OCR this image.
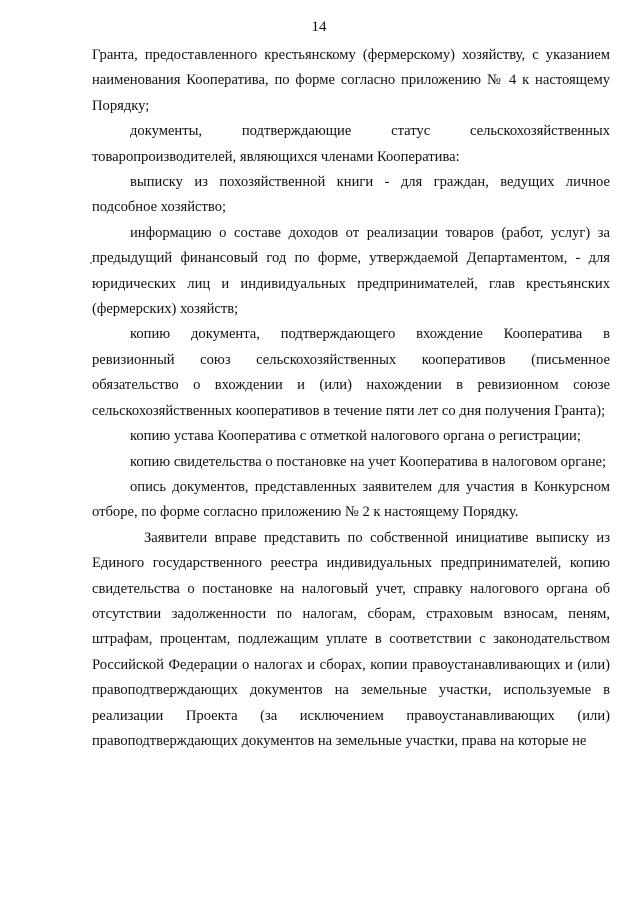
14

Гранта, предоставленного крестьянскому (фермерскому) хозяйству, с указанием наименования Кооператива, по форме согласно приложению № 4 к настоящему Порядку;

документы, подтверждающие статус сельскохозяйственных товаропроизводителей, являющихся членами Кооператива:

выписку из похозяйственной книги - для граждан, ведущих личное подсобное хозяйство;

информацию о составе доходов от реализации товаров (работ, услуг) за предыдущий финансовый год по форме, утверждаемой Департаментом, - для юридических лиц и индивидуальных предпринимателей, глав крестьянских (фермерских) хозяйств;

копию документа, подтверждающего вхождение Кооператива в ревизионный союз сельскохозяйственных кооперативов (письменное обязательство о вхождении и (или) нахождении в ревизионном союзе сельскохозяйственных кооперативов в течение пяти лет со дня получения Гранта);

копию устава Кооператива с отметкой налогового органа о регистрации;

копию свидетельства о постановке на учет Кооператива в налоговом органе;

опись документов, представленных заявителем для участия в Конкурсном отборе, по форме согласно приложению № 2 к настоящему Порядку.

Заявители вправе представить по собственной инициативе выписку из Единого государственного реестра индивидуальных предпринимателей, копию свидетельства о постановке на налоговый учет, справку налогового органа об отсутствии задолженности по налогам, сборам, страховым взносам, пеням, штрафам, процентам, подлежащим уплате в соответствии с законодательством Российской Федерации о налогах и сборах, копии правоустанавливающих и (или) правоподтверждающих документов на земельные участки, используемые в реализации Проекта (за исключением правоустанавливающих (или) правоподтверждающих документов на земельные участки, права на которые не
